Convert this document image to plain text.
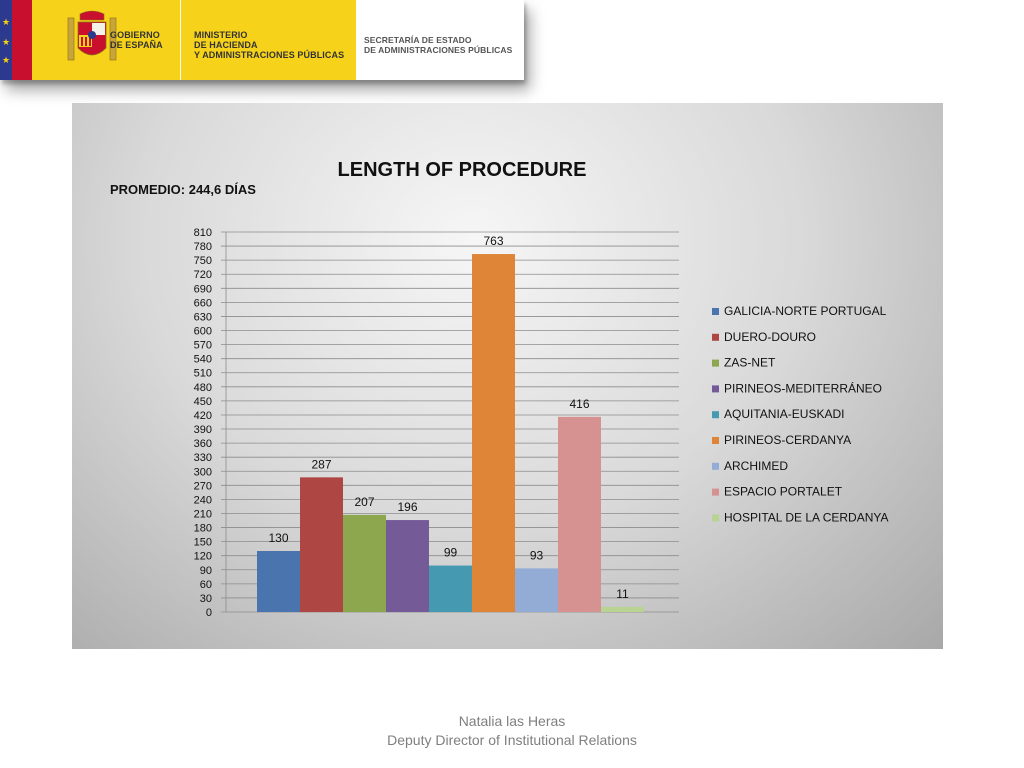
★
★
★
GOBIERNO
DE ESPAÑA
MINISTERIO
DE HACIENDA
Y ADMINISTRACIONES PÚBLICAS
SECRETARÍA DE ESTADO
DE ADMINISTRACIONES PÚBLICAS
LENGTH OF PROCEDURE
PROMEDIO: 244,6 DÍAS
0
30
60
90
120
150
180
210
240
270
300
330
360
390
420
450
480
510
540
570
600
630
660
690
720
750
780
810
130
287
207 196
99
763
93
416
11
GALICIA-NORTE PORTUGAL
DUERO-DOURO
ZAS-NET
PIRINEOS-MEDITERRÁNEO
AQUITANIA-EUSKADI
PIRINEOS-CERDANYA
ARCHIMED
ESPACIO PORTALET
HOSPITAL DE LA CERDANYA
Natalia las Heras
Deputy Director of Institutional Relations
